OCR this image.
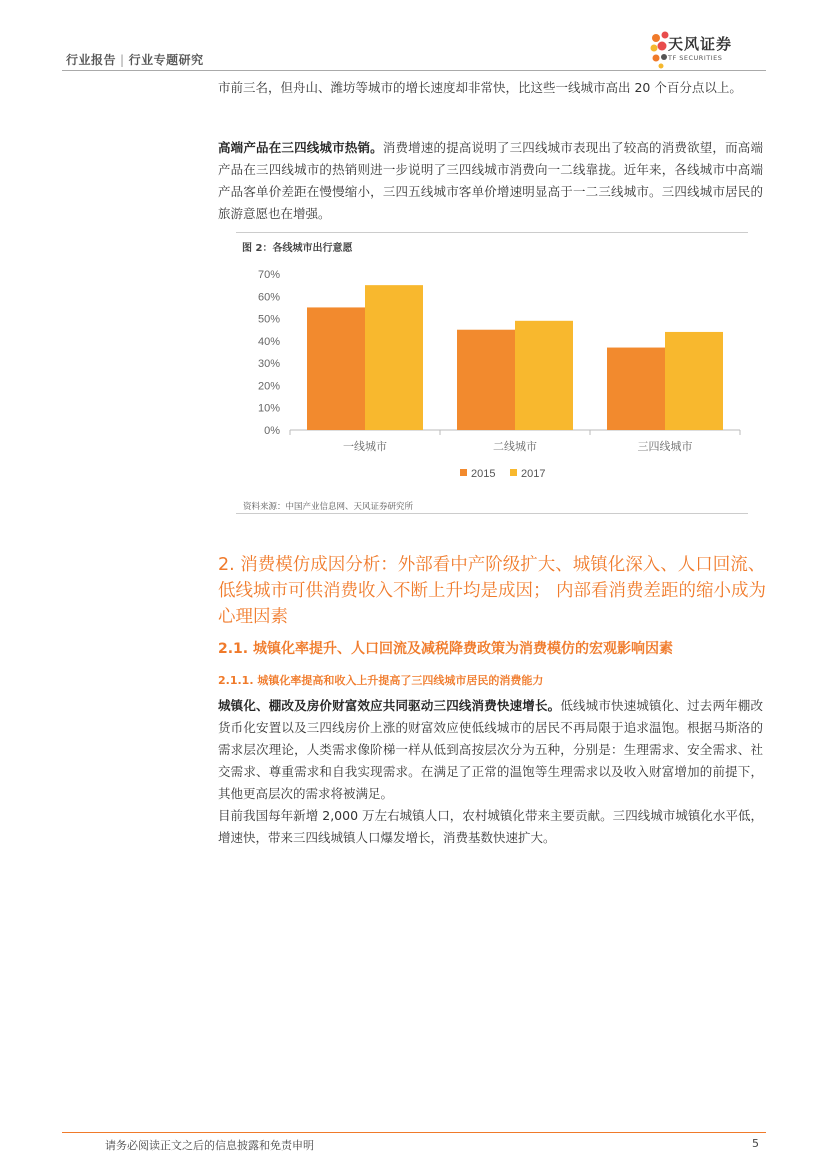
行业报告 | 行业专题研究
天风证券
TF SECURITIES
市前三名，但舟山、潍坊等城市的增长速度却非常快，比这些一线城市高出 20 个百分点以上。
高端产品在三四线城市热销。消费增速的提高说明了三四线城市表现出了较高的消费欲望，而高端产品在三四线城市的热销则进一步说明了三四线城市消费向一二线靠拢。近年来，各线城市中高端产品客单价差距在慢慢缩小，三四五线城市客单价增速明显高于一二三线城市。三四线城市居民的旅游意愿也在增强。
图 2：各线城市出行意愿
0%
10%
20%
30%
40%
50%
60%
70%
一线城市	二线城市	三四线城市
2015 2017
资料来源：中国产业信息网、天风证券研究所
2. 消费模仿成因分析：外部看中产阶级扩大、城镇化深入、人口回流、低线城市可供消费收入不断上升均是成因； 内部看消费差距的缩小成为心理因素
2.1. 城镇化率提升、人口回流及减税降费政策为消费模仿的宏观影响因素
2.1.1. 城镇化率提高和收入上升提高了三四线城市居民的消费能力
城镇化、棚改及房价财富效应共同驱动三四线消费快速增长。低线城市快速城镇化、过去两年棚改货币化安置以及三四线房价上涨的财富效应使低线城市的居民不再局限于追求温饱。根据马斯洛的需求层次理论，人类需求像阶梯一样从低到高按层次分为五种，分别是：生理需求、安全需求、社交需求、尊重需求和自我实现需求。在满足了正常的温饱等生理需求以及收入财富增加的前提下，其他更高层次的需求将被满足。
目前我国每年新增 2,000 万左右城镇人口，农村城镇化带来主要贡献。三四线城市城镇化水平低，增速快，带来三四线城镇人口爆发增长，消费基数快速扩大。
请务必阅读正文之后的信息披露和免责申明	5
